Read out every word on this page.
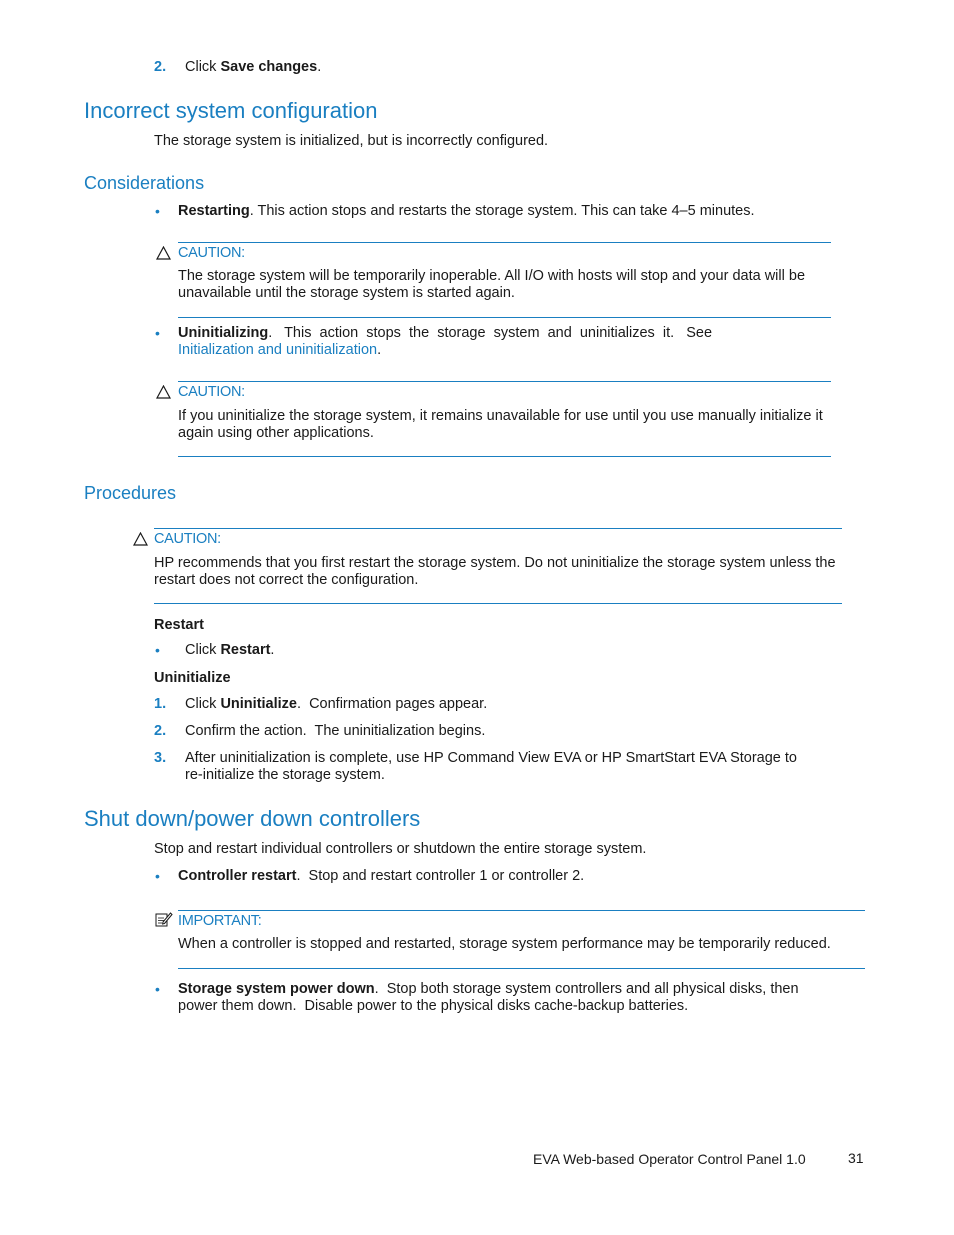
2. Click Save changes.
Incorrect system configuration
The storage system is initialized, but is incorrectly configured.
Considerations
• Restarting. This action stops and restarts the storage system. This can take 4–5 minutes.
CAUTION:
The storage system will be temporarily inoperable. All I/O with hosts will stop and your data will be
unavailable until the storage system is started again.
• Uninitializing.   This  action  stops  the  storage  system  and  uninitializes  it.   See
Initialization and uninitialization.
CAUTION:
If you uninitialize the storage system, it remains unavailable for use until you use manually initialize it
again using other applications.
Procedures
CAUTION:
HP recommends that you first restart the storage system. Do not uninitialize the storage system unless the
restart does not correct the configuration.
Restart
• Click Restart.
Uninitialize
1. Click Uninitialize.  Confirmation pages appear.
2. Confirm the action.  The uninitialization begins.
3. After uninitialization is complete, use HP Command View EVA or HP SmartStart EVA Storage to
re-initialize the storage system.
Shut down/power down controllers
Stop and restart individual controllers or shutdown the entire storage system.
• Controller restart.  Stop and restart controller 1 or controller 2.
IMPORTANT:
When a controller is stopped and restarted, storage system performance may be temporarily reduced.
• Storage system power down.  Stop both storage system controllers and all physical disks, then
power them down.  Disable power to the physical disks cache-backup batteries.
EVA Web-based Operator Control Panel 1.0	31
